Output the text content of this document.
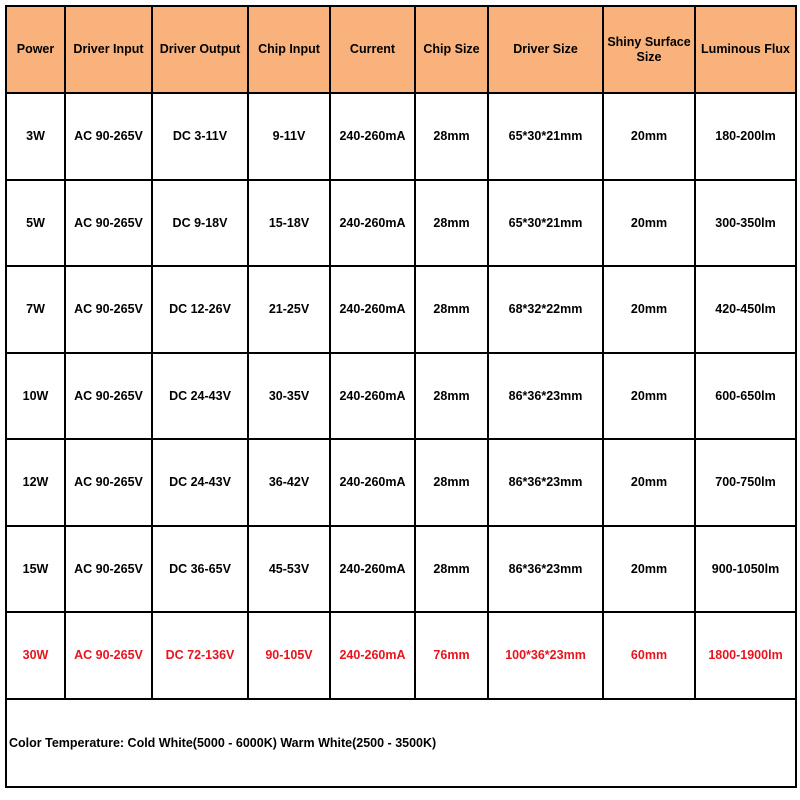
Power	Driver Input	Driver Output	Chip Input	Current	Chip Size	Driver Size	Shiny Surface Size	Luminous Flux
3W	AC 90-265V	DC 3-11V	9-11V	240-260mA	28mm	65*30*21mm	20mm	180-200lm
5W	AC 90-265V	DC 9-18V	15-18V	240-260mA	28mm	65*30*21mm	20mm	300-350lm
7W	AC 90-265V	DC 12-26V	21-25V	240-260mA	28mm	68*32*22mm	20mm	420-450lm
10W	AC 90-265V	DC 24-43V	30-35V	240-260mA	28mm	86*36*23mm	20mm	600-650lm
12W	AC 90-265V	DC 24-43V	36-42V	240-260mA	28mm	86*36*23mm	20mm	700-750lm
15W	AC 90-265V	DC 36-65V	45-53V	240-260mA	28mm	86*36*23mm	20mm	900-1050lm
30W	AC 90-265V	DC 72-136V	90-105V	240-260mA	76mm	100*36*23mm	60mm	1800-1900lm

Color Temperature: Cold White(5000 - 6000K) Warm White(2500 - 3500K)								
